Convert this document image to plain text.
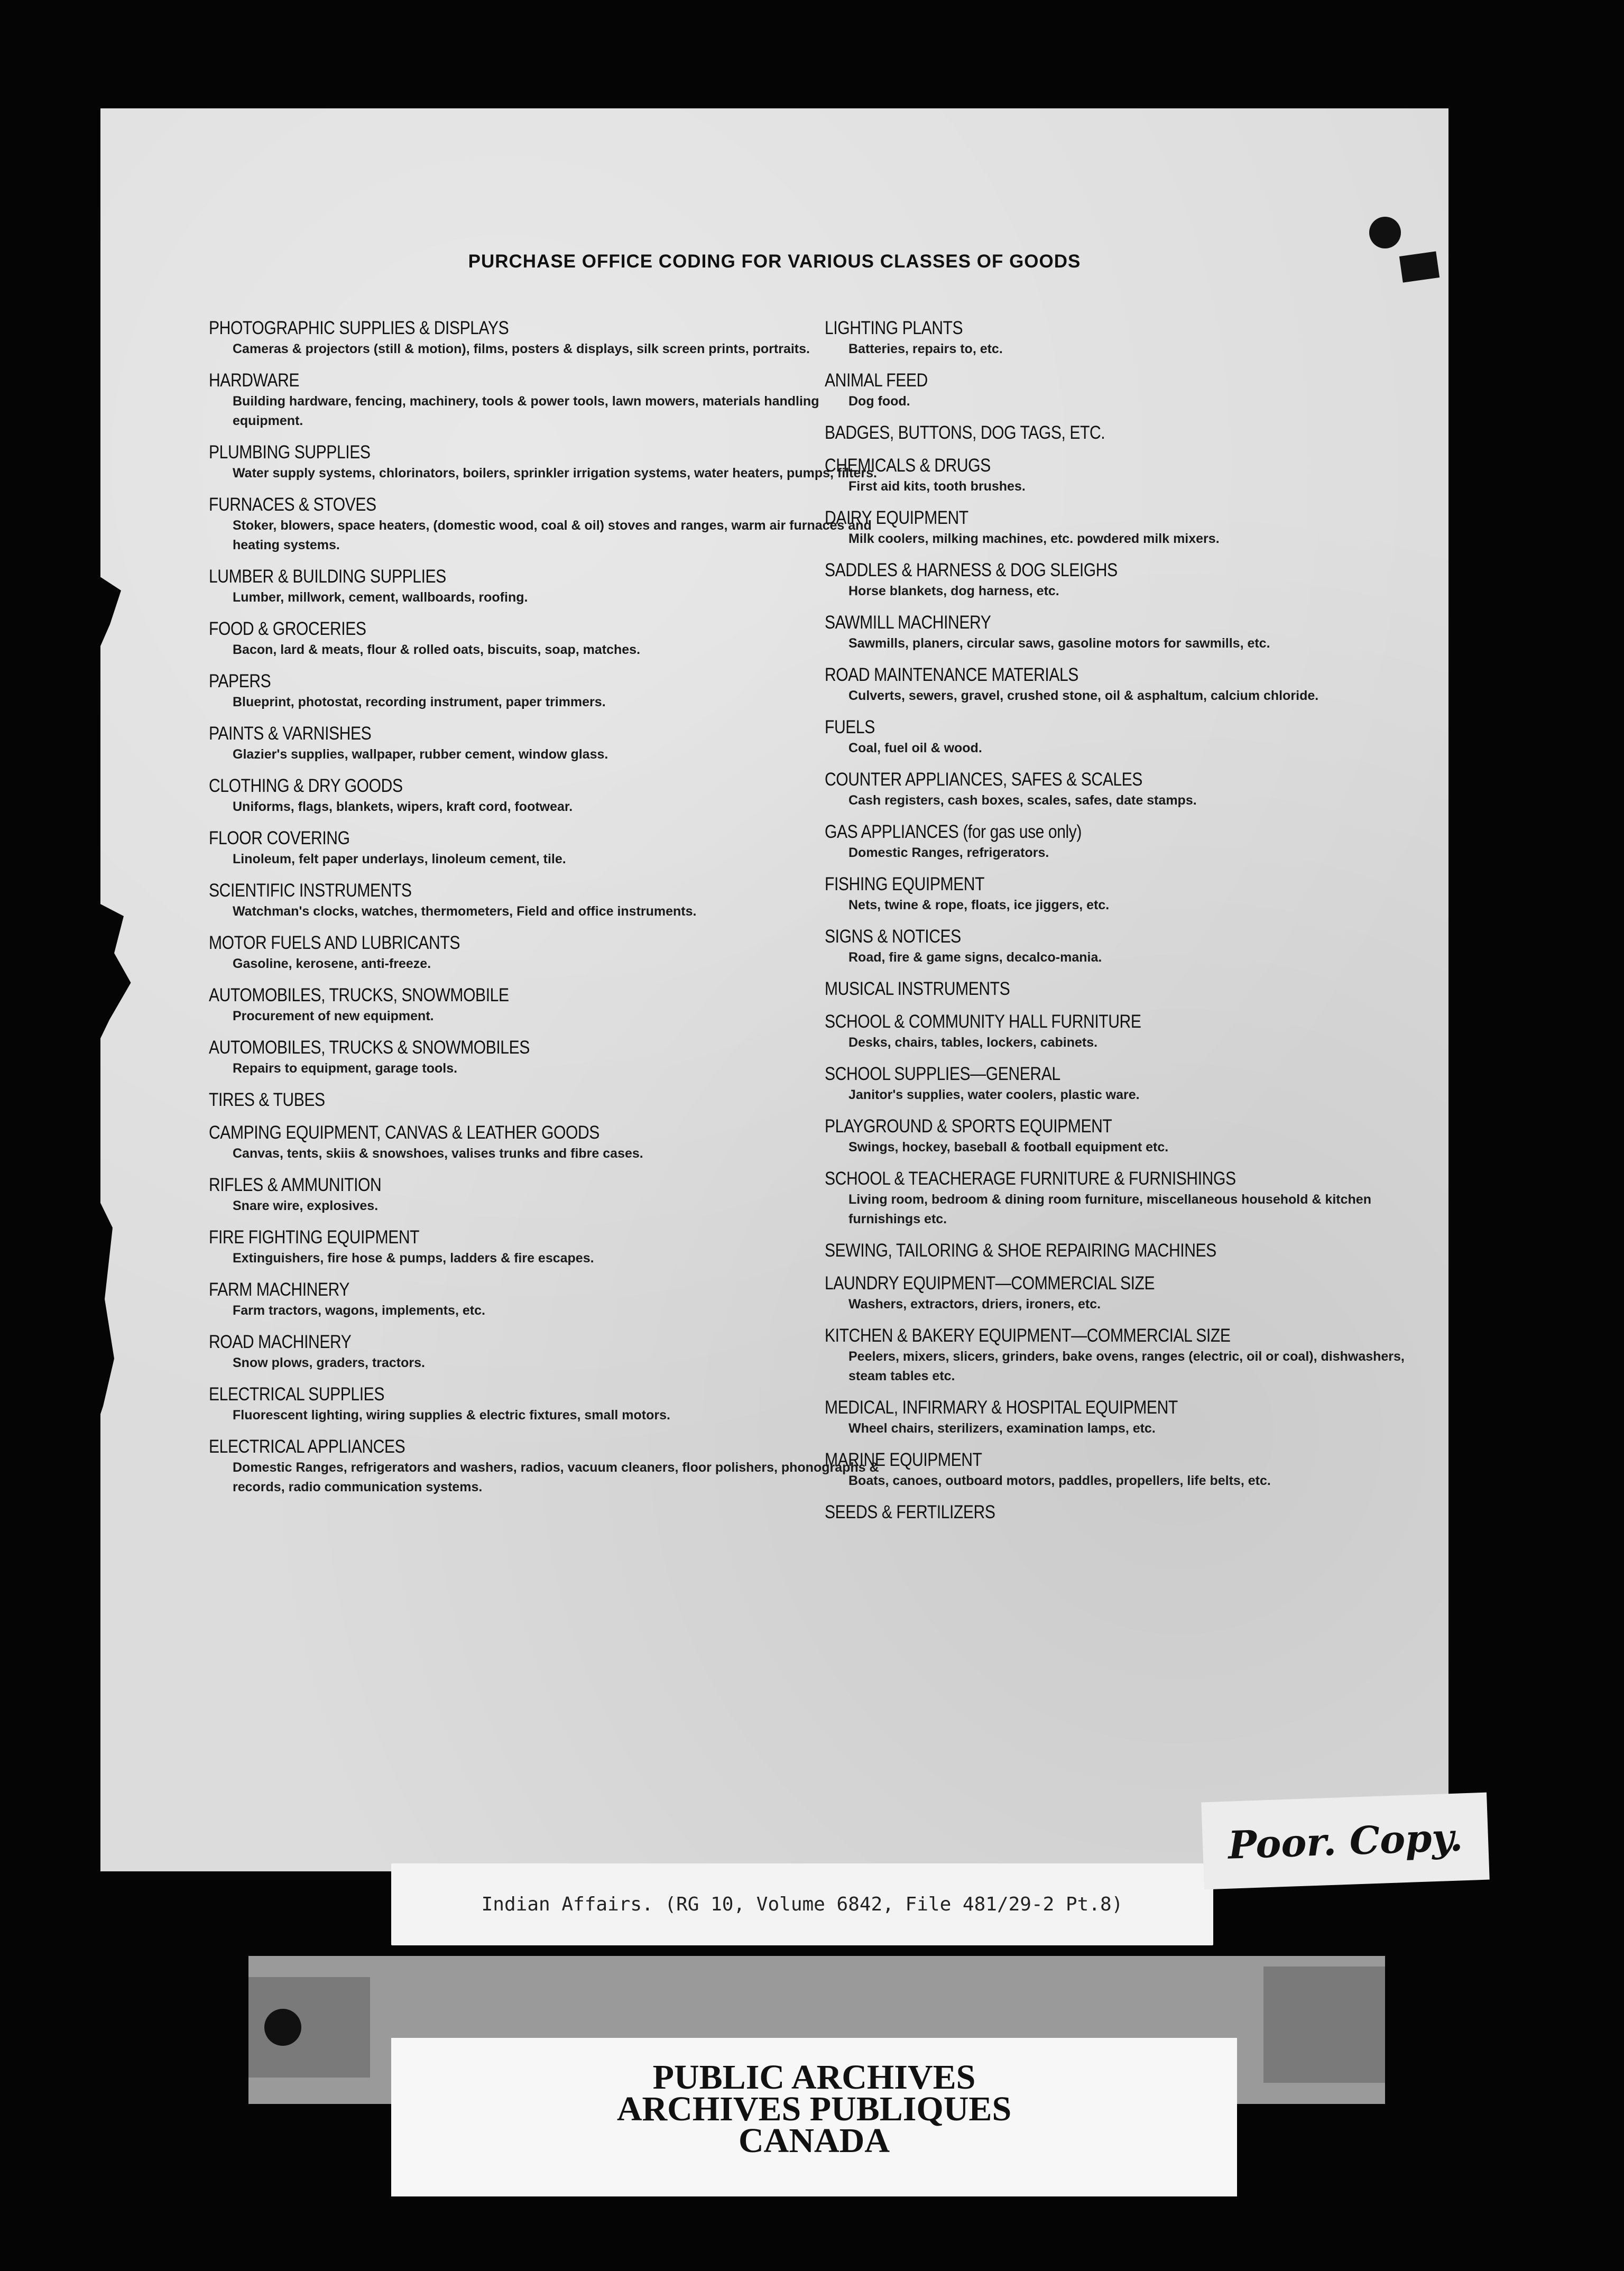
PURCHASE OFFICE CODING FOR VARIOUS CLASSES OF GOODS
PHOTOGRAPHIC SUPPLIES & DISPLAYS
Cameras & projectors (still & motion), films, posters & displays, silk screen prints, portraits.
HARDWARE
Building hardware, fencing, machinery, tools & power tools, lawn mowers, materials handling equipment.
PLUMBING SUPPLIES
Water supply systems, chlorinators, boilers, sprinkler irrigation systems, water heaters, pumps, filters.
FURNACES & STOVES
Stoker, blowers, space heaters, (domestic wood, coal & oil) stoves and ranges, warm air furnaces and heating systems.
LUMBER & BUILDING SUPPLIES
Lumber, millwork, cement, wallboards, roofing.
FOOD & GROCERIES
Bacon, lard & meats, flour & rolled oats, biscuits, soap, matches.
PAPERS
Blueprint, photostat, recording instrument, paper trimmers.
PAINTS & VARNISHES
Glazier's supplies, wallpaper, rubber cement, window glass.
CLOTHING & DRY GOODS
Uniforms, flags, blankets, wipers, kraft cord, footwear.
FLOOR COVERING
Linoleum, felt paper underlays, linoleum cement, tile.
SCIENTIFIC INSTRUMENTS
Watchman's clocks, watches, thermometers, Field and office instruments.
MOTOR FUELS AND LUBRICANTS
Gasoline, kerosene, anti-freeze.
AUTOMOBILES, TRUCKS, SNOWMOBILE
Procurement of new equipment.
AUTOMOBILES, TRUCKS & SNOWMOBILES
Repairs to equipment, garage tools.
TIRES & TUBES
CAMPING EQUIPMENT, CANVAS & LEATHER GOODS
Canvas, tents, skiis & snowshoes, valises trunks and fibre cases.
RIFLES & AMMUNITION
Snare wire, explosives.
FIRE FIGHTING EQUIPMENT
Extinguishers, fire hose & pumps, ladders & fire escapes.
FARM MACHINERY
Farm tractors, wagons, implements, etc.
ROAD MACHINERY
Snow plows, graders, tractors.
ELECTRICAL SUPPLIES
Fluorescent lighting, wiring supplies & electric fixtures, small motors.
ELECTRICAL APPLIANCES
Domestic Ranges, refrigerators and washers, radios, vacuum cleaners, floor polishers, phonographs & records, radio communication systems.
LIGHTING PLANTS
Batteries, repairs to, etc.
ANIMAL FEED
Dog food.
BADGES, BUTTONS, DOG TAGS, ETC.
CHEMICALS & DRUGS
First aid kits, tooth brushes.
DAIRY EQUIPMENT
Milk coolers, milking machines, etc. powdered milk mixers.
SADDLES & HARNESS & DOG SLEIGHS
Horse blankets, dog harness, etc.
SAWMILL MACHINERY
Sawmills, planers, circular saws, gasoline motors for sawmills, etc.
ROAD MAINTENANCE MATERIALS
Culverts, sewers, gravel, crushed stone, oil & asphaltum, calcium chloride.
FUELS
Coal, fuel oil & wood.
COUNTER APPLIANCES, SAFES & SCALES
Cash registers, cash boxes, scales, safes, date stamps.
GAS APPLIANCES (for gas use only)
Domestic Ranges, refrigerators.
FISHING EQUIPMENT
Nets, twine & rope, floats, ice jiggers, etc.
SIGNS & NOTICES
Road, fire & game signs, decalco-mania.
MUSICAL INSTRUMENTS
SCHOOL & COMMUNITY HALL FURNITURE
Desks, chairs, tables, lockers, cabinets.
SCHOOL SUPPLIES—GENERAL
Janitor's supplies, water coolers, plastic ware.
PLAYGROUND & SPORTS EQUIPMENT
Swings, hockey, baseball & football equipment etc.
SCHOOL & TEACHERAGE FURNITURE & FURNISHINGS
Living room, bedroom & dining room furniture, miscellaneous household & kitchen furnishings etc.
SEWING, TAILORING & SHOE REPAIRING MACHINES
LAUNDRY EQUIPMENT—COMMERCIAL SIZE
Washers, extractors, driers, ironers, etc.
KITCHEN & BAKERY EQUIPMENT—COMMERCIAL SIZE
Peelers, mixers, slicers, grinders, bake ovens, ranges (electric, oil or coal), dishwashers, steam tables etc.
MEDICAL, INFIRMARY & HOSPITAL EQUIPMENT
Wheel chairs, sterilizers, examination lamps, etc.
MARINE EQUIPMENT
Boats, canoes, outboard motors, paddles, propellers, life belts, etc.
SEEDS & FERTILIZERS
Indian Affairs. (RG 10, Volume 6842, File 481/29-2 Pt.8)
Poor. Copy.
PUBLIC ARCHIVES
ARCHIVES PUBLIQUES
CANADA
